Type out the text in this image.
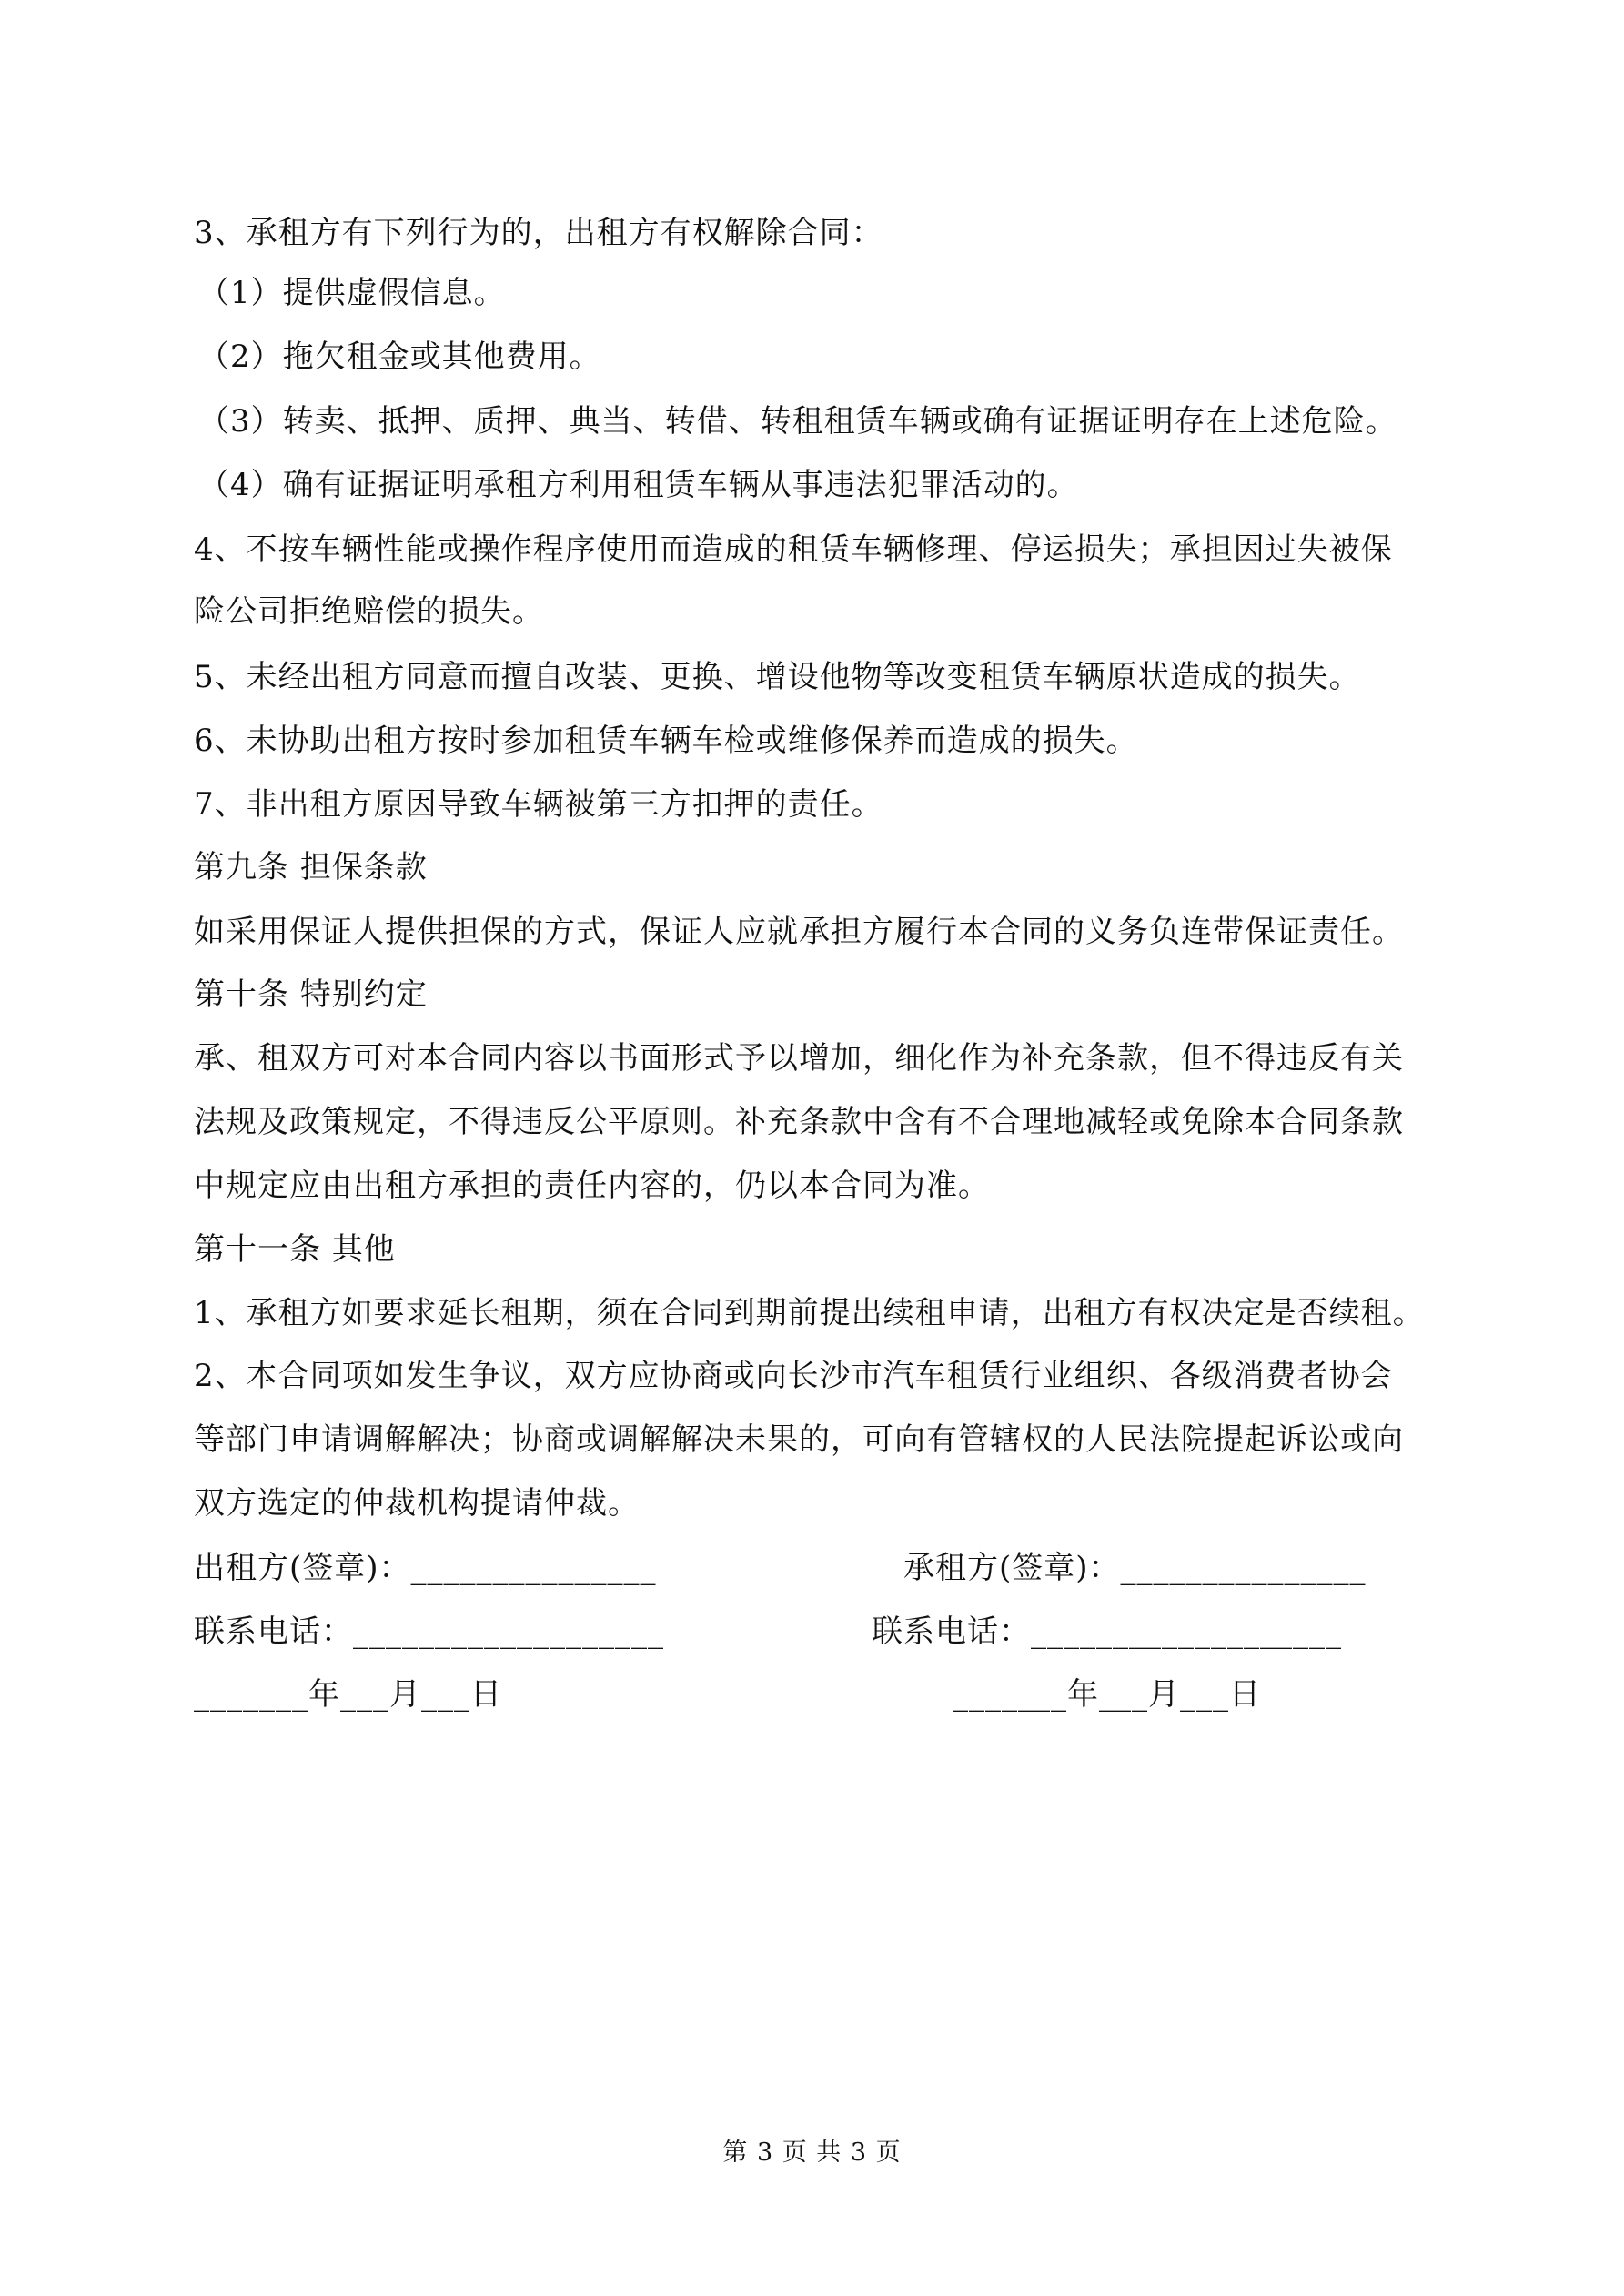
3、承租方有下列行为的，出租方有权解除合同：
（1）提供虚假信息。
（2）拖欠租金或其他费用。
（3）转卖、抵押、质押、典当、转借、转租租赁车辆或确有证据证明存在上述危险。
（4）确有证据证明承租方利用租赁车辆从事违法犯罪活动的。
4、不按车辆性能或操作程序使用而造成的租赁车辆修理、停运损失；承担因过失被保
险公司拒绝赔偿的损失。
5、未经出租方同意而擅自改装、更换、增设他物等改变租赁车辆原状造成的损失。
6、未协助出租方按时参加租赁车辆车检或维修保养而造成的损失。
7、非出租方原因导致车辆被第三方扣押的责任。
第九条 担保条款
如采用保证人提供担保的方式，保证人应就承担方履行本合同的义务负连带保证责任。
第十条 特别约定
承、租双方可对本合同内容以书面形式予以增加，细化作为补充条款，但不得违反有关
法规及政策规定，不得违反公平原则。补充条款中含有不合理地减轻或免除本合同条款
中规定应由出租方承担的责任内容的，仍以本合同为准。
第十一条 其他
1、承租方如要求延长租期，须在合同到期前提出续租申请，出租方有权决定是否续租。
2、本合同项如发生争议，双方应协商或向长沙市汽车租赁行业组织、各级消费者协会
等部门申请调解解决；协商或调解解决未果的，可向有管辖权的人民法院提起诉讼或向
双方选定的仲裁机构提请仲裁。
出租方(签章)：_______________	承租方(签章)：_______________
联系电话：___________________	联系电话：___________________
_______年___月___日	_______年___月___日
第 3 页 共 3 页
